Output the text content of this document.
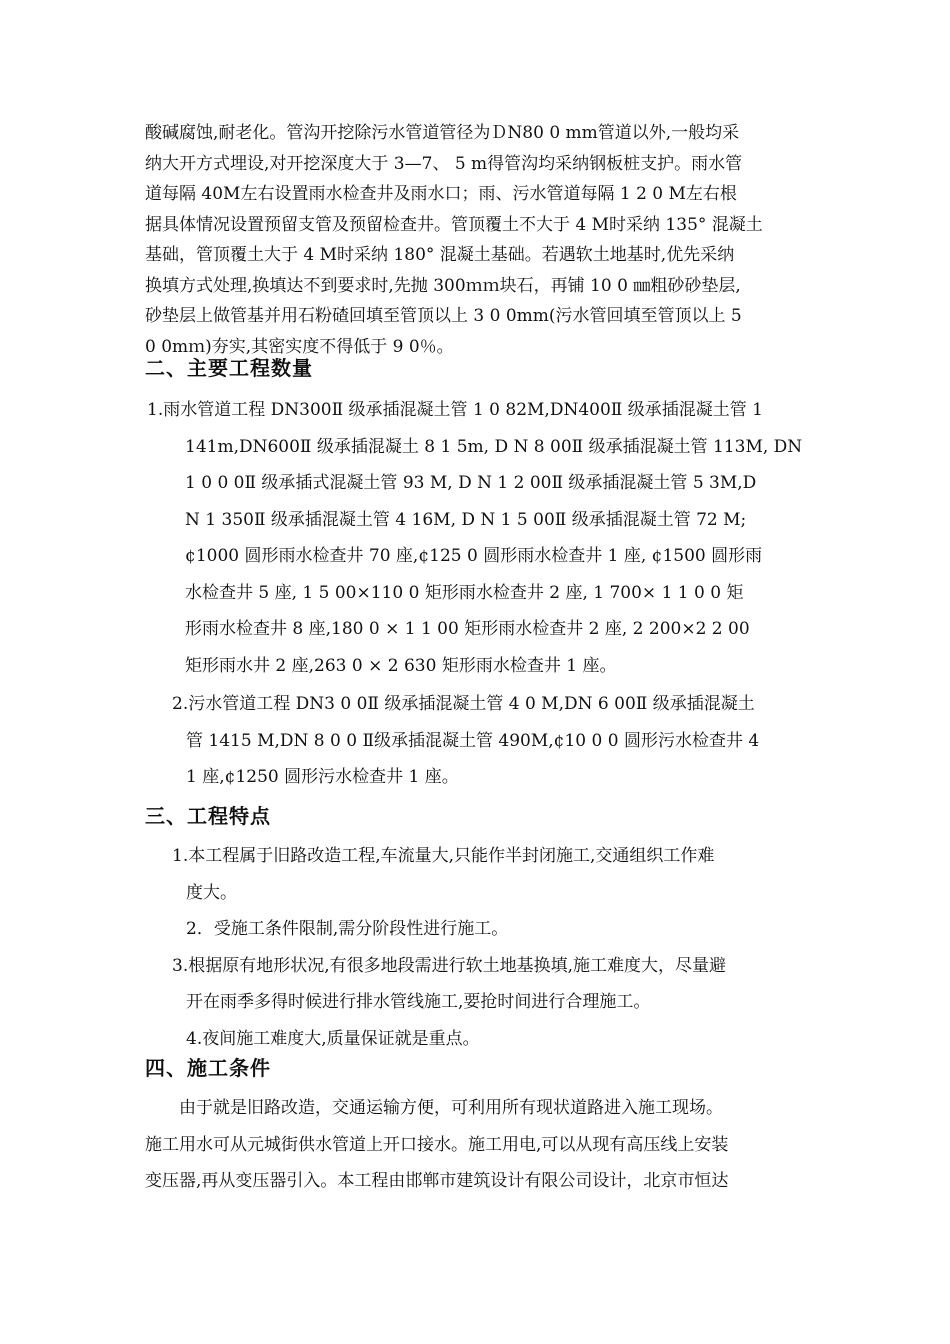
酸碱腐蚀,耐老化。管沟开挖除污水管道管径为ＤN80 0 mm管道以外,一般均采
纳大开方式埋设,对开挖深度大于 3—7、 5 m得管沟均采纳钢板桩支护。雨水管
道每隔 40M左右设置雨水检查井及雨水口；雨、污水管道每隔 1 2 0 M左右根
据具体情况设置预留支管及预留检查井。管顶覆土不大于 4 M时采纳 135° 混凝土
基础，管顶覆土大于 4 M时采纳 180° 混凝土基础。若遇软土地基时,优先采纳
换填方式处理,换填达不到要求时,先抛 300ｍｍ块石，再铺 10 0 ㎜粗砂砂垫层,
砂垫层上做管基并用石粉碴回填至管顶以上 3 0 0mm(污水管回填至管顶以上 5
0 0mｍ)夯实,其密实度不得低于 9 0％。
二、主要工程数量
1.雨水管道工程 DN300Ⅱ 级承插混凝土管 1 0 82M,DN400Ⅱ 级承插混凝土管 1
141m,DN600Ⅱ 级承插混凝土 8 1 5m, D N 8 00Ⅱ 级承插混凝土管 113M, DN
1 0 0 0Ⅱ 级承插式混凝土管 93 M, D N 1 2 00Ⅱ 级承插混凝土管 5 3M,D
N 1 350Ⅱ 级承插混凝土管 4 16M, D N 1 5 00Ⅱ 级承插混凝土管 72 M;
¢1000 圆形雨水检查井 70 座,¢125 0 圆形雨水检查井 1 座, ¢1500 圆形雨
水检查井 5 座, 1 5 00×110 0 矩形雨水检查井 2 座, 1 700× 1 1 0 0 矩
形雨水检查井 8 座,180 0 × 1 1 00 矩形雨水检查井 2 座, 2 200×2 2 00
矩形雨水井 2 座,263 0 × 2 630 矩形雨水检查井 1 座。
2.污水管道工程 DN3 0 0Ⅱ 级承插混凝土管 4 0 M,DN 6 00Ⅱ 级承插混凝土
管 1415 M,DN 8 0 0 Ⅱ级承插混凝土管 490M,¢10 0 0 圆形污水检查井 4
1 座,¢1250 圆形污水检查井 1 座。
三、工程特点
1.本工程属于旧路改造工程,车流量大,只能作半封闭施工,交通组织工作难
度大。
2．受施工条件限制,需分阶段性进行施工。
3.根据原有地形状况,有很多地段需进行软土地基换填,施工难度大，尽量避
开在雨季多得时候进行排水管线施工,要抢时间进行合理施工。
4.夜间施工难度大,质量保证就是重点。
四、施工条件
由于就是旧路改造，交通运输方便，可利用所有现状道路进入施工现场。
施工用水可从元城街供水管道上开口接水。施工用电,可以从现有高压线上安装
变压器,再从变压器引入。本工程由邯郸市建筑设计有限公司设计，北京市恒达
